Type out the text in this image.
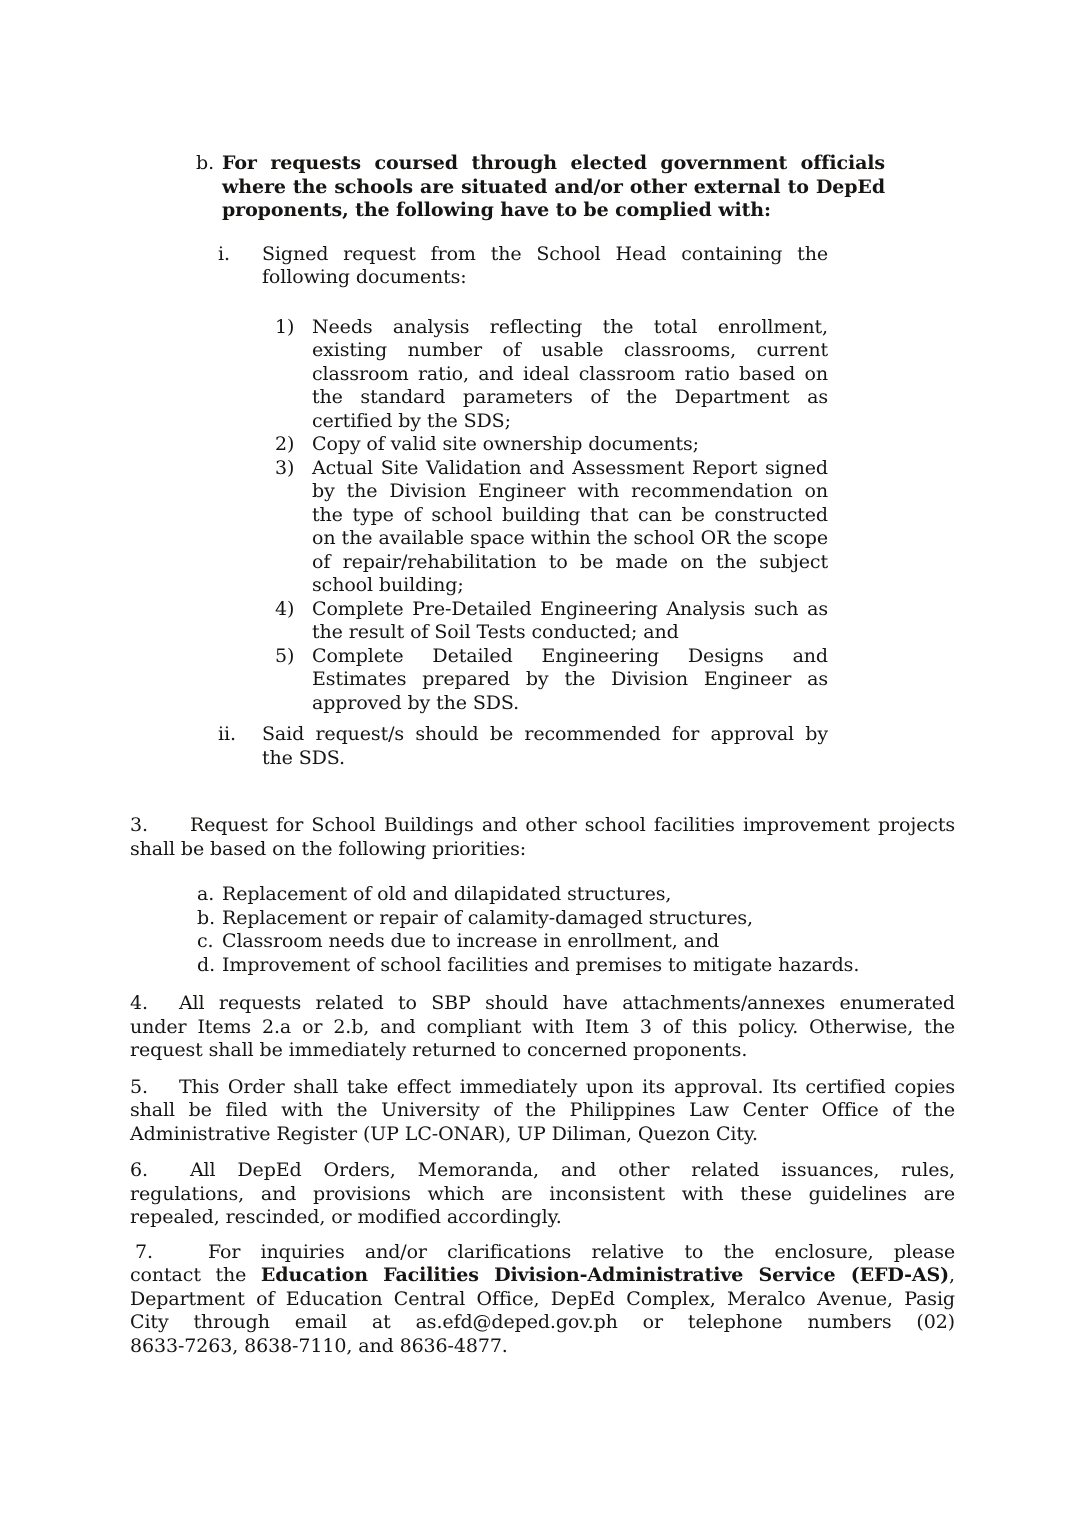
b. For requests coursed through elected government officials
where the schools are situated and/or other external to DepEd
proponents, the following have to be complied with:
i. Signed request from the School Head containing the
following documents:
1) Needs analysis reflecting the total enrollment,
existing number of usable classrooms, current
classroom ratio, and ideal classroom ratio based on
the standard parameters of the Department as
certified by the SDS;
2) Copy of valid site ownership documents;
3) Actual Site Validation and Assessment Report signed
by the Division Engineer with recommendation on
the type of school building that can be constructed
on the available space within the school OR the scope
of repair/rehabilitation to be made on the subject
school building;
4) Complete Pre-Detailed Engineering Analysis such as
the result of Soil Tests conducted; and
5) Complete Detailed Engineering Designs and
Estimates prepared by the Division Engineer as
approved by the SDS.
ii. Said request/s should be recommended for approval by
the SDS.
3. Request for School Buildings and other school facilities improvement projects
shall be based on the following priorities:
a. Replacement of old and dilapidated structures,
b. Replacement or repair of calamity-damaged structures,
c. Classroom needs due to increase in enrollment, and
d. Improvement of school facilities and premises to mitigate hazards.
4. All requests related to SBP should have attachments/annexes enumerated
under Items 2.a or 2.b, and compliant with Item 3 of this policy. Otherwise, the
request shall be immediately returned to concerned proponents.
5. This Order shall take effect immediately upon its approval. Its certified copies
shall be filed with the University of the Philippines Law Center Office of the
Administrative Register (UP LC-ONAR), UP Diliman, Quezon City.
6. All DepEd Orders, Memoranda, and other related issuances, rules,
regulations, and provisions which are inconsistent with these guidelines are
repealed, rescinded, or modified accordingly.
7.	For inquiries and/or clarifications relative to the enclosure, please
contact the Education Facilities Division-Administrative Service (EFD-AS),
Department of Education Central Office, DepEd Complex, Meralco Avenue, Pasig
City through email at as.efd@deped.gov.ph or telephone numbers (02)
8633-7263, 8638-7110, and 8636-4877.
